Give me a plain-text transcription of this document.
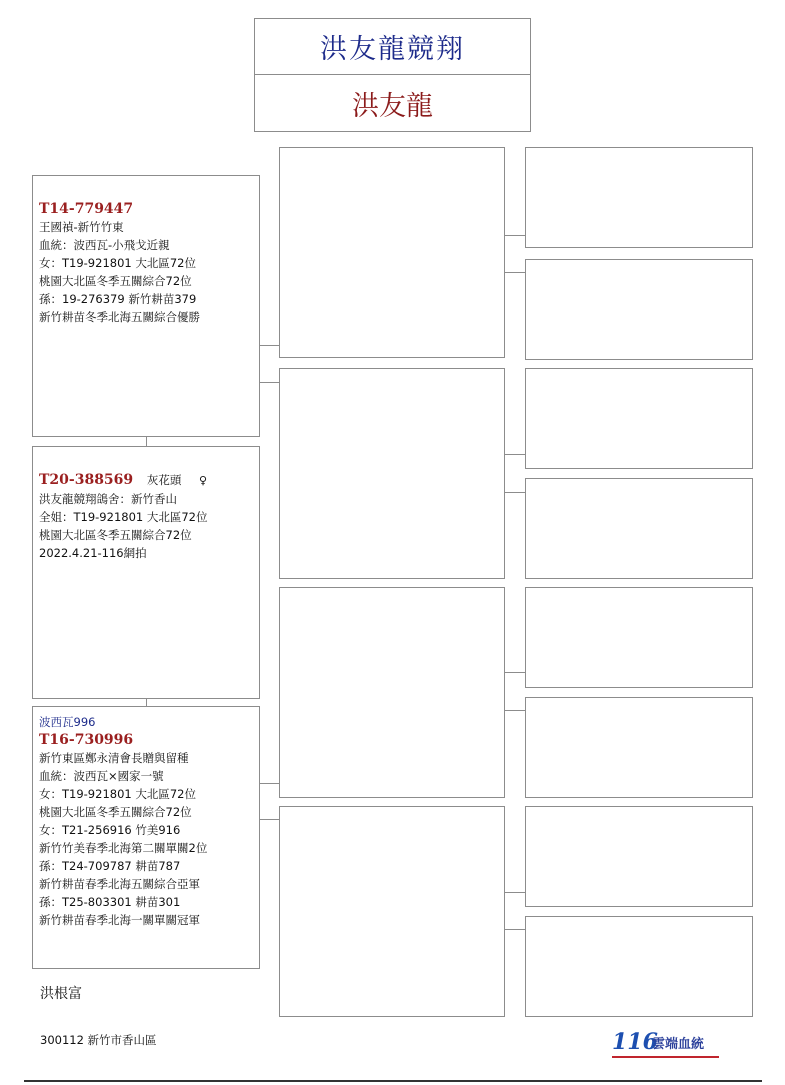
洪友龍競翔
洪友龍
T14-779447
王國禎-新竹竹東
血統：波西瓦-小飛戈近親
女：T19-921801 大北區72位
桃園大北區冬季五關綜合72位
孫：19-276379 新竹耕苗379
新竹耕苗冬季北海五關綜合優勝
T20-388569 灰花頭 ♀
洪友龍競翔鴿舍：新竹香山
全姐：T19-921801 大北區72位
桃園大北區冬季五關綜合72位
2022.4.21-116網拍
波西瓦996
T16-730996
新竹東區鄭永清會長贈與留種
血統：波西瓦×國家一號
女：T19-921801 大北區72位
桃園大北區冬季五關綜合72位
女：T21-256916 竹美916
新竹竹美春季北海第二關單關2位
孫：T24-709787 耕苗787
新竹耕苗春季北海五關綜合亞軍
孫：T25-803301 耕苗301
新竹耕苗春季北海一關單關冠軍
洪根富
300112 新竹市香山區	116
雲端血統
